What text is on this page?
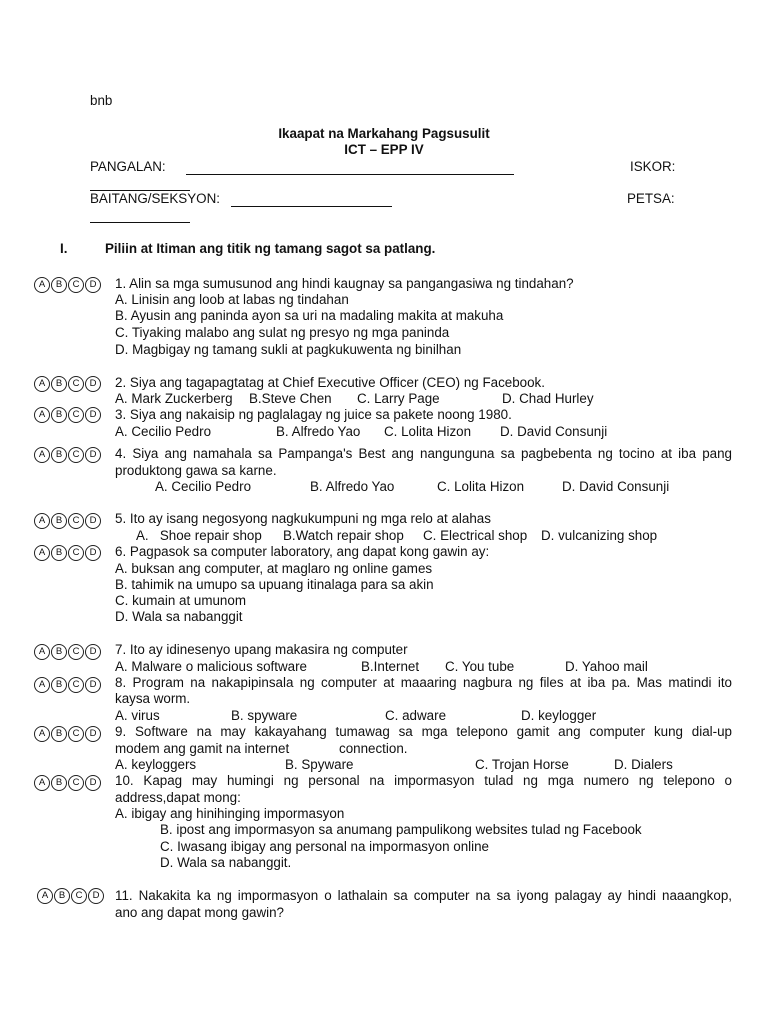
bnb
Ikaapat na Markahang Pagsusulit
ICT – EPP IV
PANGALAN:	ISKOR:
BAITANG/SEKSYON:	PETSA:
I.	Piliin at Itiman ang titik ng tamang sagot sa patlang.
A	B	C	D
A	B	C	D
A	B	C	D
A	B	C	D
A	B	C	D
A	B	C	D
A	B	C	D
A	B	C	D
A	B	C	D
A	B	C	D
A	B	C	D
1. Alin sa mga sumusunod ang hindi kaugnay sa pangangasiwa ng tindahan?
A. Linisin ang loob at labas ng tindahan
B. Ayusin ang paninda ayon sa uri na madaling makita at makuha
C. Tiyaking malabo ang sulat ng presyo ng mga paninda
D. Magbigay ng tamang sukli at pagkukuwenta ng binilhan
2. Siya ang tagapagtatag at Chief Executive Officer (CEO) ng Facebook.
A. Mark Zuckerberg B.Steve Chen C. Larry Page	D. Chad Hurley
3. Siya ang nakaisip ng paglalagay ng juice sa pakete noong 1980.
A. Cecilio Pedro	B. Alfredo Yao C. Lolita Hizon D. David Consunji
4. Siya ang namahala sa Pampanga's Best ang nangunguna sa pagbebenta ng tocino at iba pang
produktong gawa sa karne.
A. Cecilio Pedro	B. Alfredo Yao	C. Lolita Hizon	D. David Consunji
5. Ito ay isang negosyong nagkukumpuni ng mga relo at alahas
A.   Shoe repair shop B.Watch repair shop C. Electrical shop D. vulcanizing shop
6. Pagpasok sa computer laboratory, ang dapat kong gawin ay:
A. buksan ang computer, at maglaro ng online games
B. tahimik na umupo sa upuang itinalaga para sa akin
C. kumain at umunom
D. Wala sa nabanggit
7. Ito ay idinesenyo upang makasira ng computer
A. Malware o malicious software	B.Internet C. You tube	D. Yahoo mail
8. Program na nakapipinsala ng computer at maaaring nagbura ng files at iba pa. Mas matindi ito
kaysa worm.
A. virus	B. spyware	C. adware	D. keylogger
9. Software na may kakayahang tumawag sa mga telepono gamit ang computer kung dial-up
modem ang gamit na internet	connection.
A. keyloggers	B. Spyware	C. Trojan Horse	D. Dialers
10. Kapag may humingi ng personal na impormasyon tulad ng mga numero ng telepono o
address,dapat mong:
A. ibigay ang hinihinging impormasyon
B. ipost ang impormasyon sa anumang pampulikong websites tulad ng Facebook
C. Iwasang ibigay ang personal na impormasyon online
D. Wala sa nabanggit.
11. Nakakita ka ng impormasyon o lathalain sa computer na sa iyong palagay ay hindi naaangkop,
ano ang dapat mong gawin?
